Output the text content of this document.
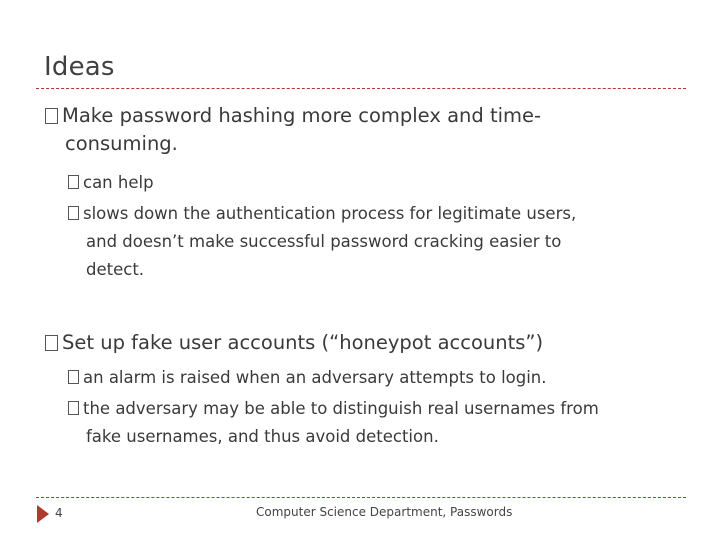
Ideas
Make password hashing more complex and time-
consuming.
can help
slows down the authentication process for legitimate users,
and doesn’t make successful password cracking easier to
detect.
Set up fake user accounts (“honeypot accounts”)
an alarm is raised when an adversary attempts to login.
the adversary may be able to distinguish real usernames from
fake usernames, and thus avoid detection.
4	Computer Science Department, Passwords
